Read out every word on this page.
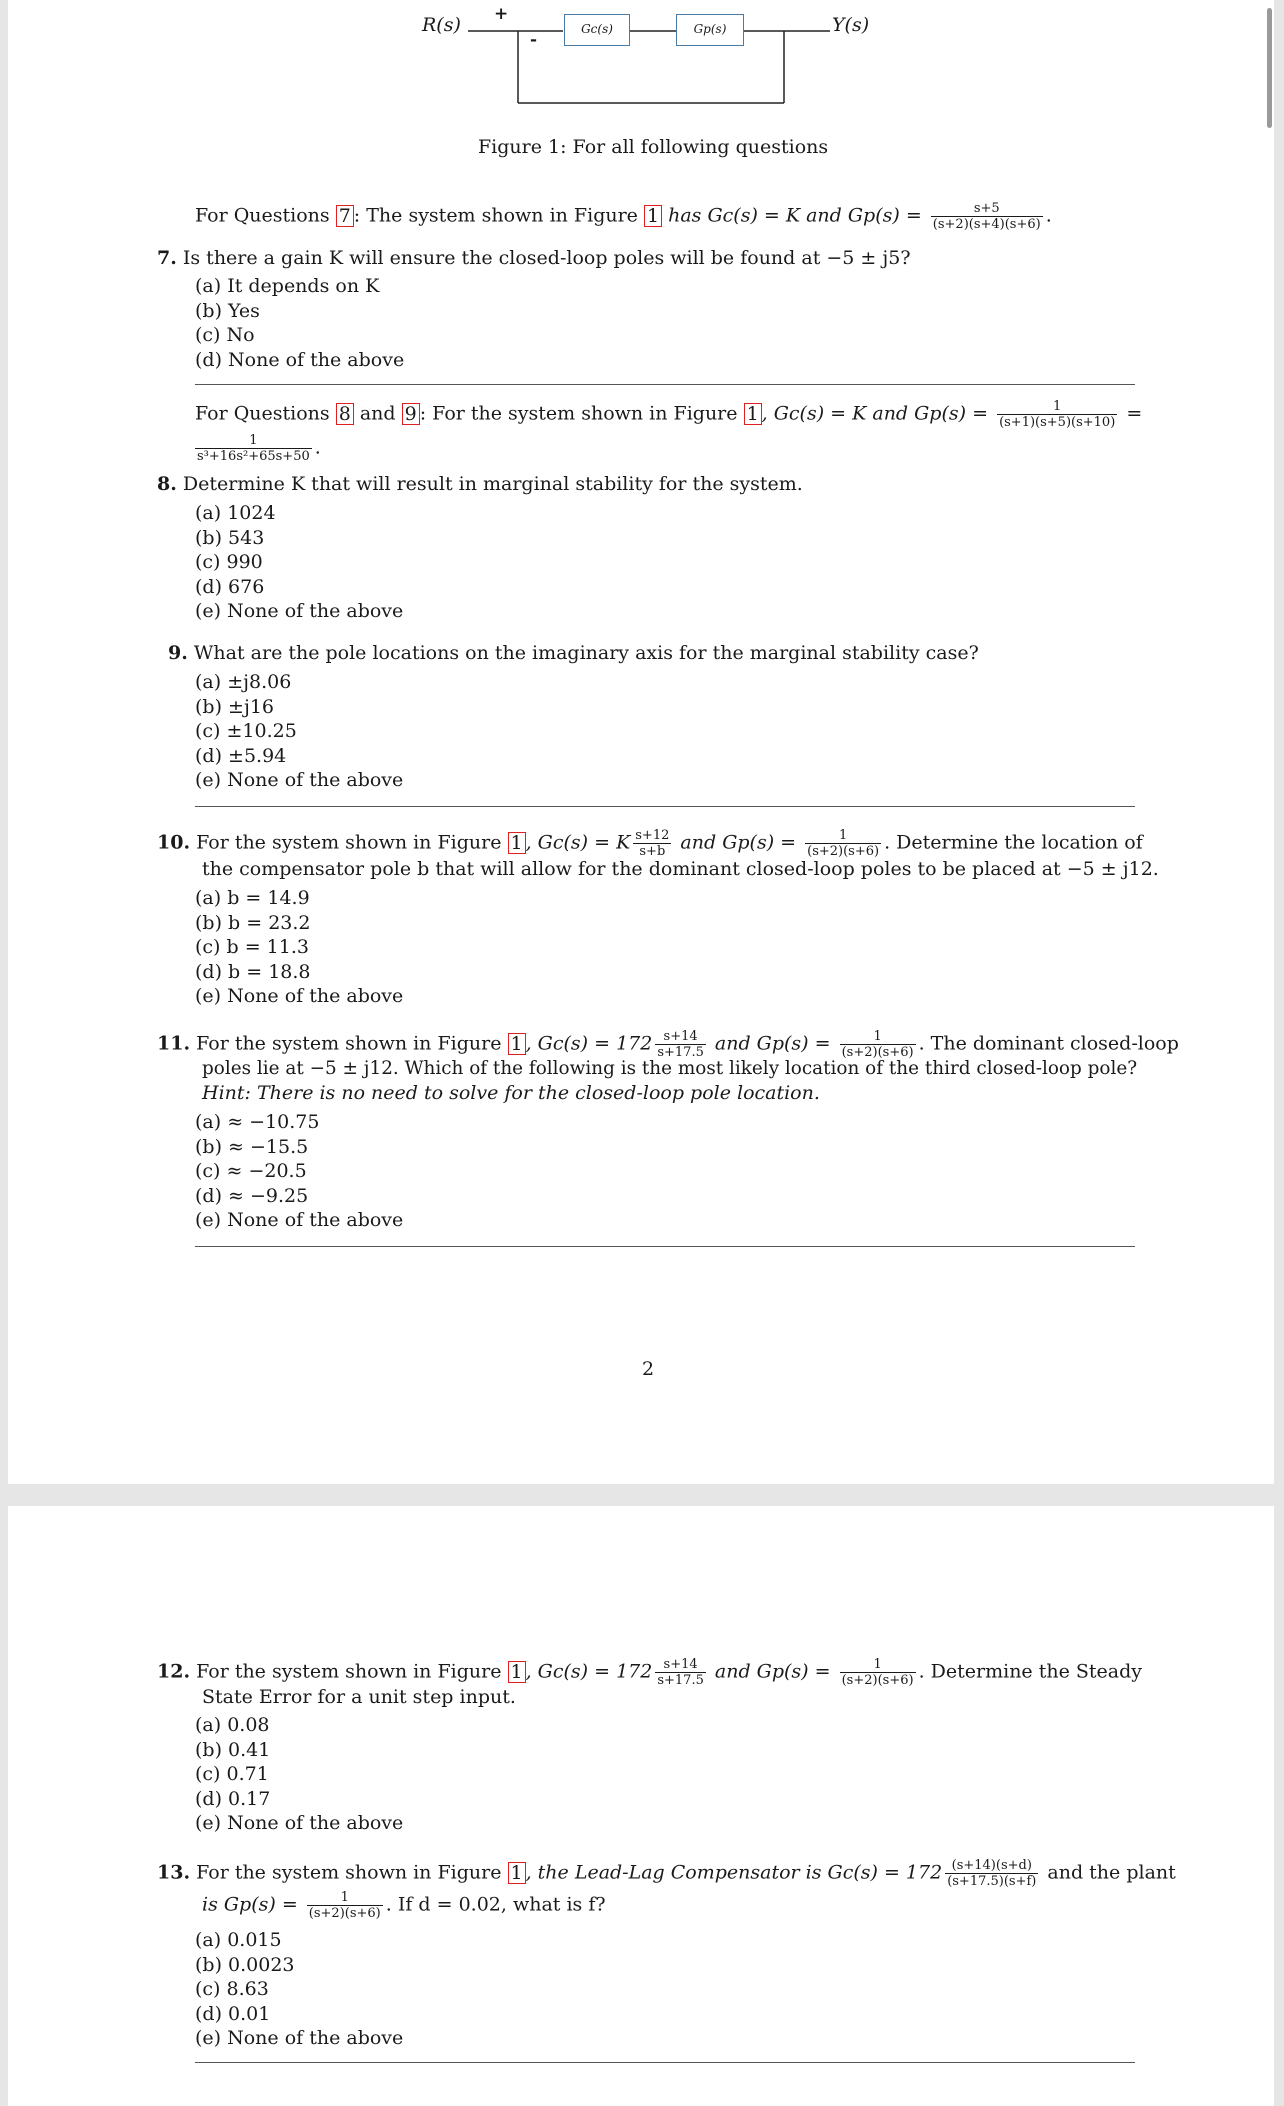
R(s) +
-
Gc(s)	Gp(s)	Y(s)
Figure 1: For all following questions
For Questions 7 : The system shown in Figure 1 has Gc(s) = K and $Gp(s) = \frac{s+5}{(s+2)(s+4)(s+6)}$ .
7. Is there a gain K will ensure the closed-loop poles will be found at −5 ± j5?
(a) It depends on K
(b) Yes
(c) No
(d) None of the above
For Questions 8 and 9 : For the system shown in Figure 1 , Gc(s) = K and $Gp(s) = \frac{1}{(s+1)(s+5)(s+10)}$ =
$\frac{1}{\text{s³+16s²+65s+50}}$ .
8. Determine K that will result in marginal stability for the system.
(a) 1024
(b) 543
(c) 990
(d) 676
(e) None of the above
9. What are the pole locations on the imaginary axis for the marginal stability case?
(a) ±j8.06
(b) ±j16
(c) ±10.25
(d) ±5.94
(e) None of the above
10. For the system shown in Figure 1 , Gc(s) = K $\frac{s+12}{s+b}$ and $Gp(s) = \frac{1}{(s+2)(s+6)}$ . Determine the location of
the compensator pole b that will allow for the dominant closed-loop poles to be placed at −5 ± j12.
(a) b = 14.9
(b) b = 23.2
(c) b = 11.3
(d) b = 18.8
(e) None of the above
11. For the system shown in Figure 1 , $Gc(s) = 172 \frac{s+14}{s+17.5}$ and $Gp(s) = \frac{1}{(s+2)(s+6)}$ . The dominant closed-loop
poles lie at −5 ± j12. Which of the following is the most likely location of the third closed-loop pole?
Hint: There is no need to solve for the closed-loop pole location.
(a) ≈ −10.75
(b) ≈ −15.5
(c) ≈ −20.5
(d) ≈ −9.25
(e) None of the above
2
12. For the system shown in Figure 1 , $Gc(s) = 172 \frac{s+14}{s+17.5}$ and $Gp(s) = \frac{1}{(s+2)(s+6)}$ . Determine the Steady
State Error for a unit step input.
(a) 0.08
(b) 0.41
(c) 0.71
(d) 0.17
(e) None of the above
13. For the system shown in Figure 1 , the Lead-Lag Compensator is $Gc(s) = 172 \frac{(s+14)(s+d)}{(s+17.5)(s+f)}$ and the plant
is $Gp(s) = \frac{1}{(s+2)(s+6)}$ . If d = 0.02, what is f?
(a) 0.015
(b) 0.0023
(c) 8.63
(d) 0.01
(e) None of the above
